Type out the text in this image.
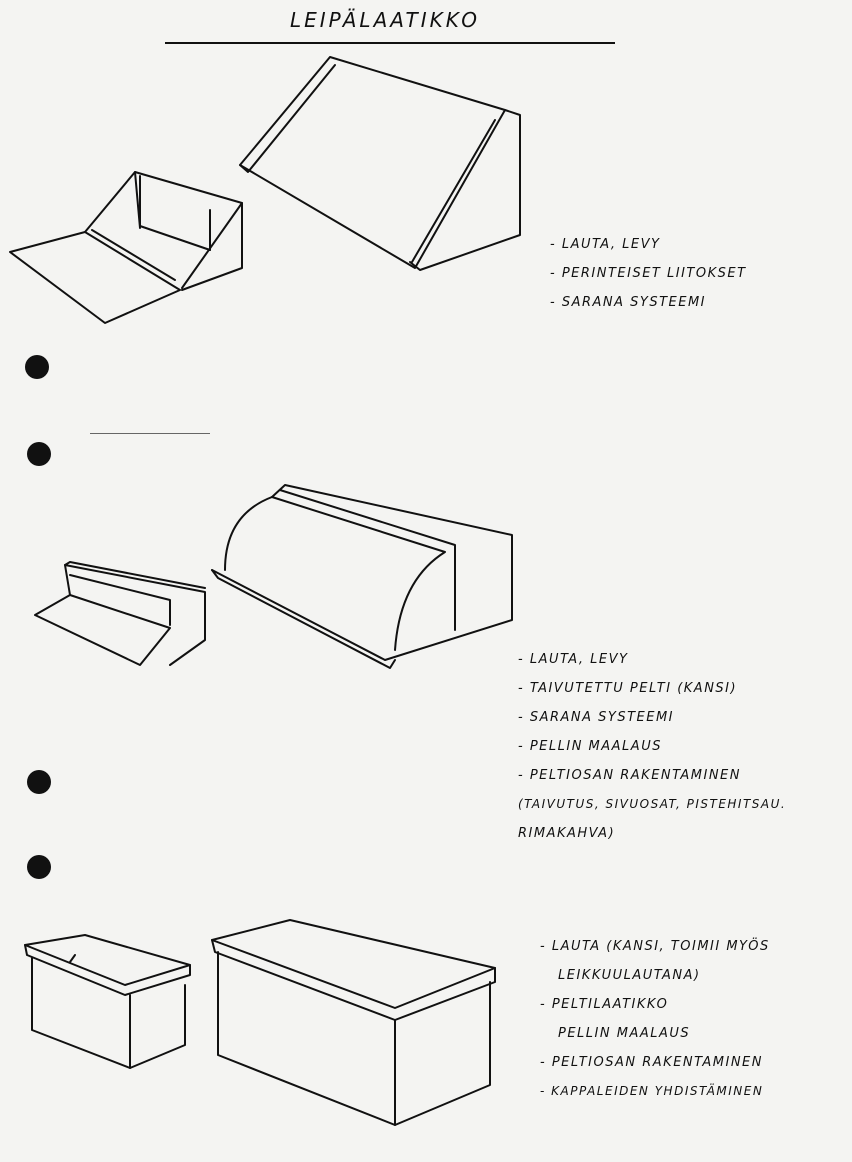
LEIPÄLAATIKKO
- LAUTA, LEVY
- PERINTEISET LIITOKSET
- SARANA SYSTEEMI
- LAUTA, LEVY
- TAIVUTETTU PELTI (KANSI)
- SARANA SYSTEEMI
- PELLIN MAALAUS
- PELTIOSAN RAKENTAMINEN
(TAIVUTUS, SIVUOSAT, PISTEHITSAU.
RIMAKAHVA)
- LAUTA (KANSI, TOIMII MYÖS
LEIKKUULAUTANA)
- PELTILAATIKKO
PELLIN MAALAUS
- PELTIOSAN RAKENTAMINEN
- KAPPALEIDEN YHDISTÄMINEN
